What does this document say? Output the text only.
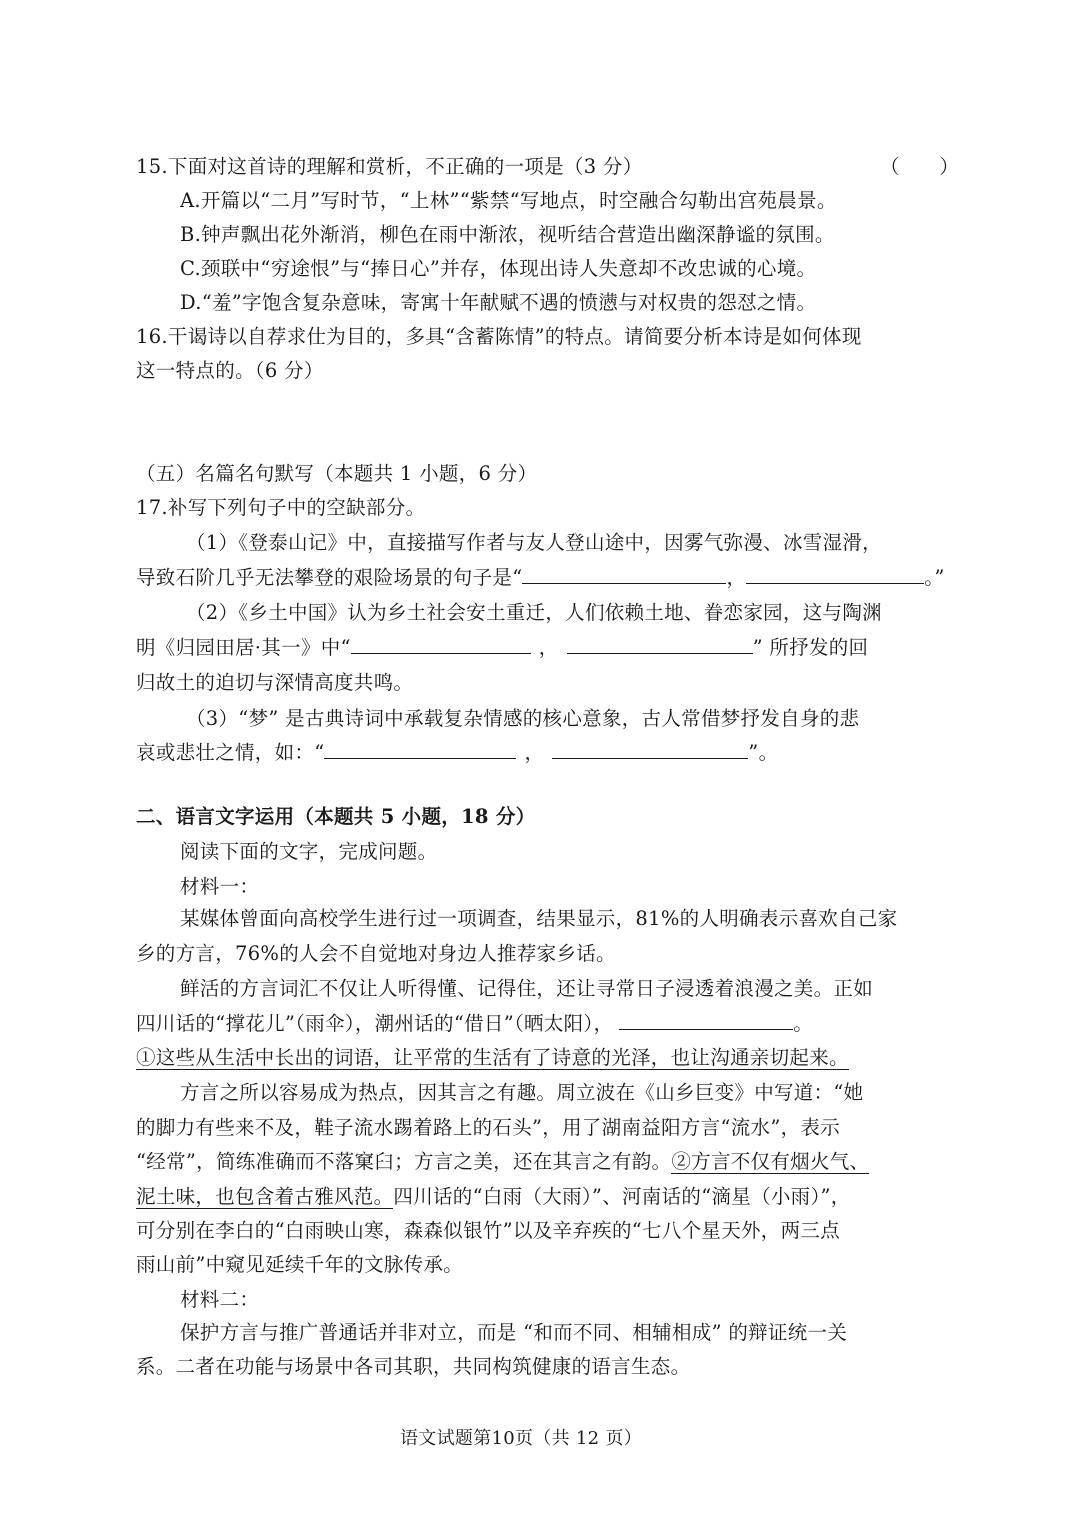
15.下面对这首诗的理解和赏析，不正确的一项是（3 分）	（　　）
A.开篇以“二月”写时节，“上林”“紫禁“写地点，时空融合勾勒出宫苑晨景。
B.钟声飘出花外渐消，柳色在雨中渐浓，视听结合营造出幽深静谧的氛围。
C.颈联中“穷途恨”与“捧日心”并存，体现出诗人失意却不改忠诚的心境。
D.“羞”字饱含复杂意味，寄寓十年献赋不遇的愤懑与对权贵的怨怼之情。
16.干谒诗以自荐求仕为目的，多具“含蓄陈情”的特点。请简要分析本诗是如何体现
这一特点的。（6 分）
（五）名篇名句默写（本题共 1 小题，6 分）
17.补写下列句子中的空缺部分。
（1）《登泰山记》中，直接描写作者与友人登山途中，因雾气弥漫、冰雪湿滑，
导致石阶几乎无法攀登的艰险场景的句子是“	，	。”
（2）《乡土中国》认为乡土社会安土重迁，人们依赖土地、眷恋家园，这与陶渊
明《归园田居·其一》中“	，	” 所抒发的回
归故土的迫切与深情高度共鸣。
（3）“梦” 是古典诗词中承载复杂情感的核心意象，古人常借梦抒发自身的悲
哀或悲壮之情，如：“	，	”。
二、语言文字运用（本题共 5 小题，18 分）
阅读下面的文字，完成问题。
材料一：
某媒体曾面向高校学生进行过一项调查，结果显示，81%的人明确表示喜欢自己家
乡的方言，76%的人会不自觉地对身边人推荐家乡话。
鲜活的方言词汇不仅让人听得懂、记得住，还让寻常日子浸透着浪漫之美。正如
四川话的“撑花儿”（雨伞），潮州话的“借日”（晒太阳），	。
①这些从生活中长出的词语，让平常的生活有了诗意的光泽，也让沟通亲切起来。
方言之所以容易成为热点，因其言之有趣。周立波在《山乡巨变》中写道：“她
的脚力有些来不及，鞋子流水踢着路上的石头”，用了湖南益阳方言“流水”，表示
“经常”，简练准确而不落窠臼；方言之美，还在其言之有韵。②方言不仅有烟火气、
泥土味，也包含着古雅风范。四川话的“白雨（大雨）”、河南话的“滴星（小雨）”，
可分别在李白的“白雨映山寒，森森似银竹”以及辛弃疾的“七八个星天外，两三点
雨山前”中窥见延续千年的文脉传承。
材料二：
保护方言与推广普通话并非对立，而是 “和而不同、相辅相成” 的辩证统一关
系。二者在功能与场景中各司其职，共同构筑健康的语言生态。
语文试题第10页（共 12 页）
